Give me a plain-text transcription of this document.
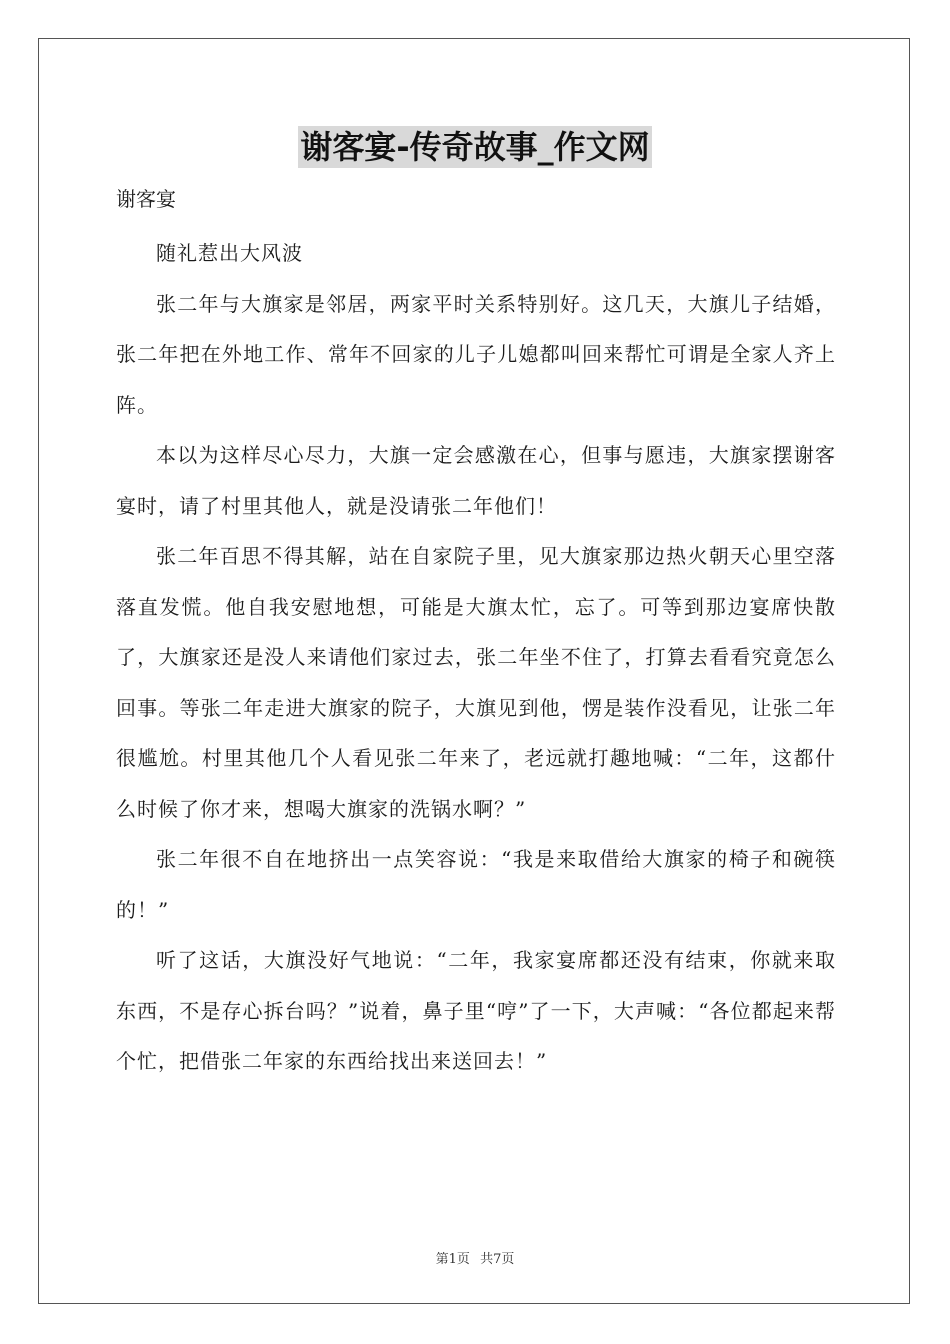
谢客宴-传奇故事_作文网

谢客宴

随礼惹出大风波

张二年与大旗家是邻居，两家平时关系特别好。这几天，大旗儿子结婚，张二年把在外地工作、常年不回家的儿子儿媳都叫回来帮忙可谓是全家人齐上阵。

本以为这样尽心尽力，大旗一定会感激在心，但事与愿违，大旗家摆谢客宴时，请了村里其他人，就是没请张二年他们！

张二年百思不得其解，站在自家院子里，见大旗家那边热火朝天心里空落落直发慌。他自我安慰地想，可能是大旗太忙，忘了。可等到那边宴席快散了，大旗家还是没人来请他们家过去，张二年坐不住了，打算去看看究竟怎么回事。等张二年走进大旗家的院子，大旗见到他，愣是装作没看见，让张二年很尴尬。村里其他几个人看见张二年来了，老远就打趣地喊：“二年，这都什么时候了你才来，想喝大旗家的洗锅水啊？”

张二年很不自在地挤出一点笑容说：“我是来取借给大旗家的椅子和碗筷的！”

听了这话，大旗没好气地说：“二年，我家宴席都还没有结束，你就来取东西，不是存心拆台吗？”说着，鼻子里“哼”了一下，大声喊：“各位都起来帮个忙，把借张二年家的东西给找出来送回去！”

第1页 共7页
